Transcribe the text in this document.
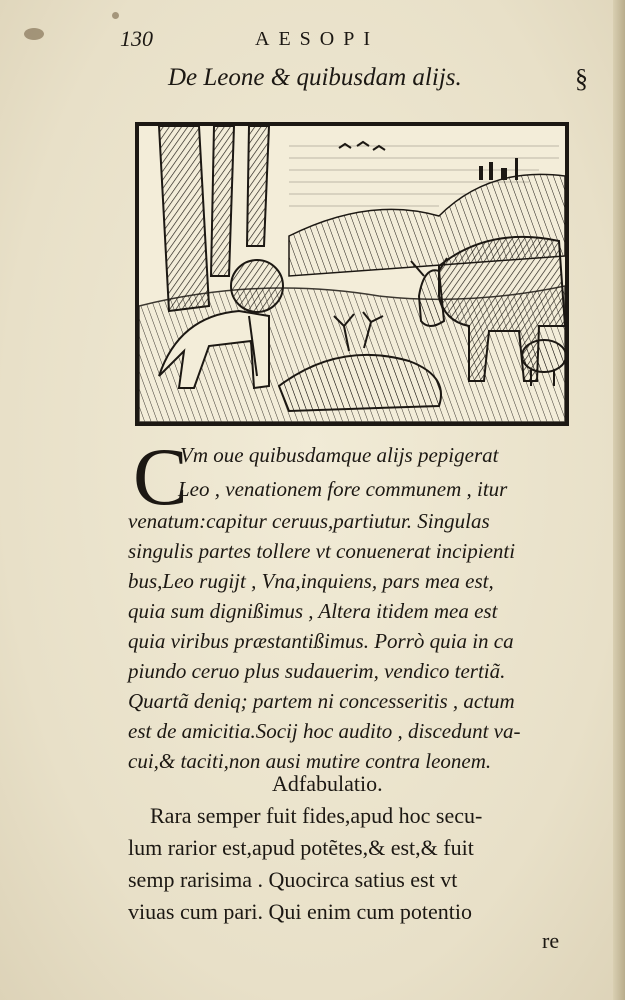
130	AESOPI
De Leone & quibusdam alijs.	§
C
Vm oue quibusdamque alijs pepigerat
Leo , venationem fore communem , itur
venatum:capitur ceruus,partiutur. Singulas
singulis partes tollere vt conuenerat incipienti
bus,Leo rugijt , Vna,inquiens, pars mea est,
quia sum dignißimus , Altera itidem mea est
quia viribus præstantißimus. Porrò quia in ca
piundo ceruo plus sudauerim, vendico tertiã.
Quartã deniq; partem ni concesseritis , actum
est de amicitia.Socij hoc audito , discedunt va-
cui,& taciti,non ausi mutire contra leonem.
Adfabulatio.
Rara semper fuit fides,apud hoc secu-
lum rarior est,apud potẽtes,& est,& fuit
semp rarisima . Quocirca satius est vt
viuas cum pari. Qui enim cum potentio
re
